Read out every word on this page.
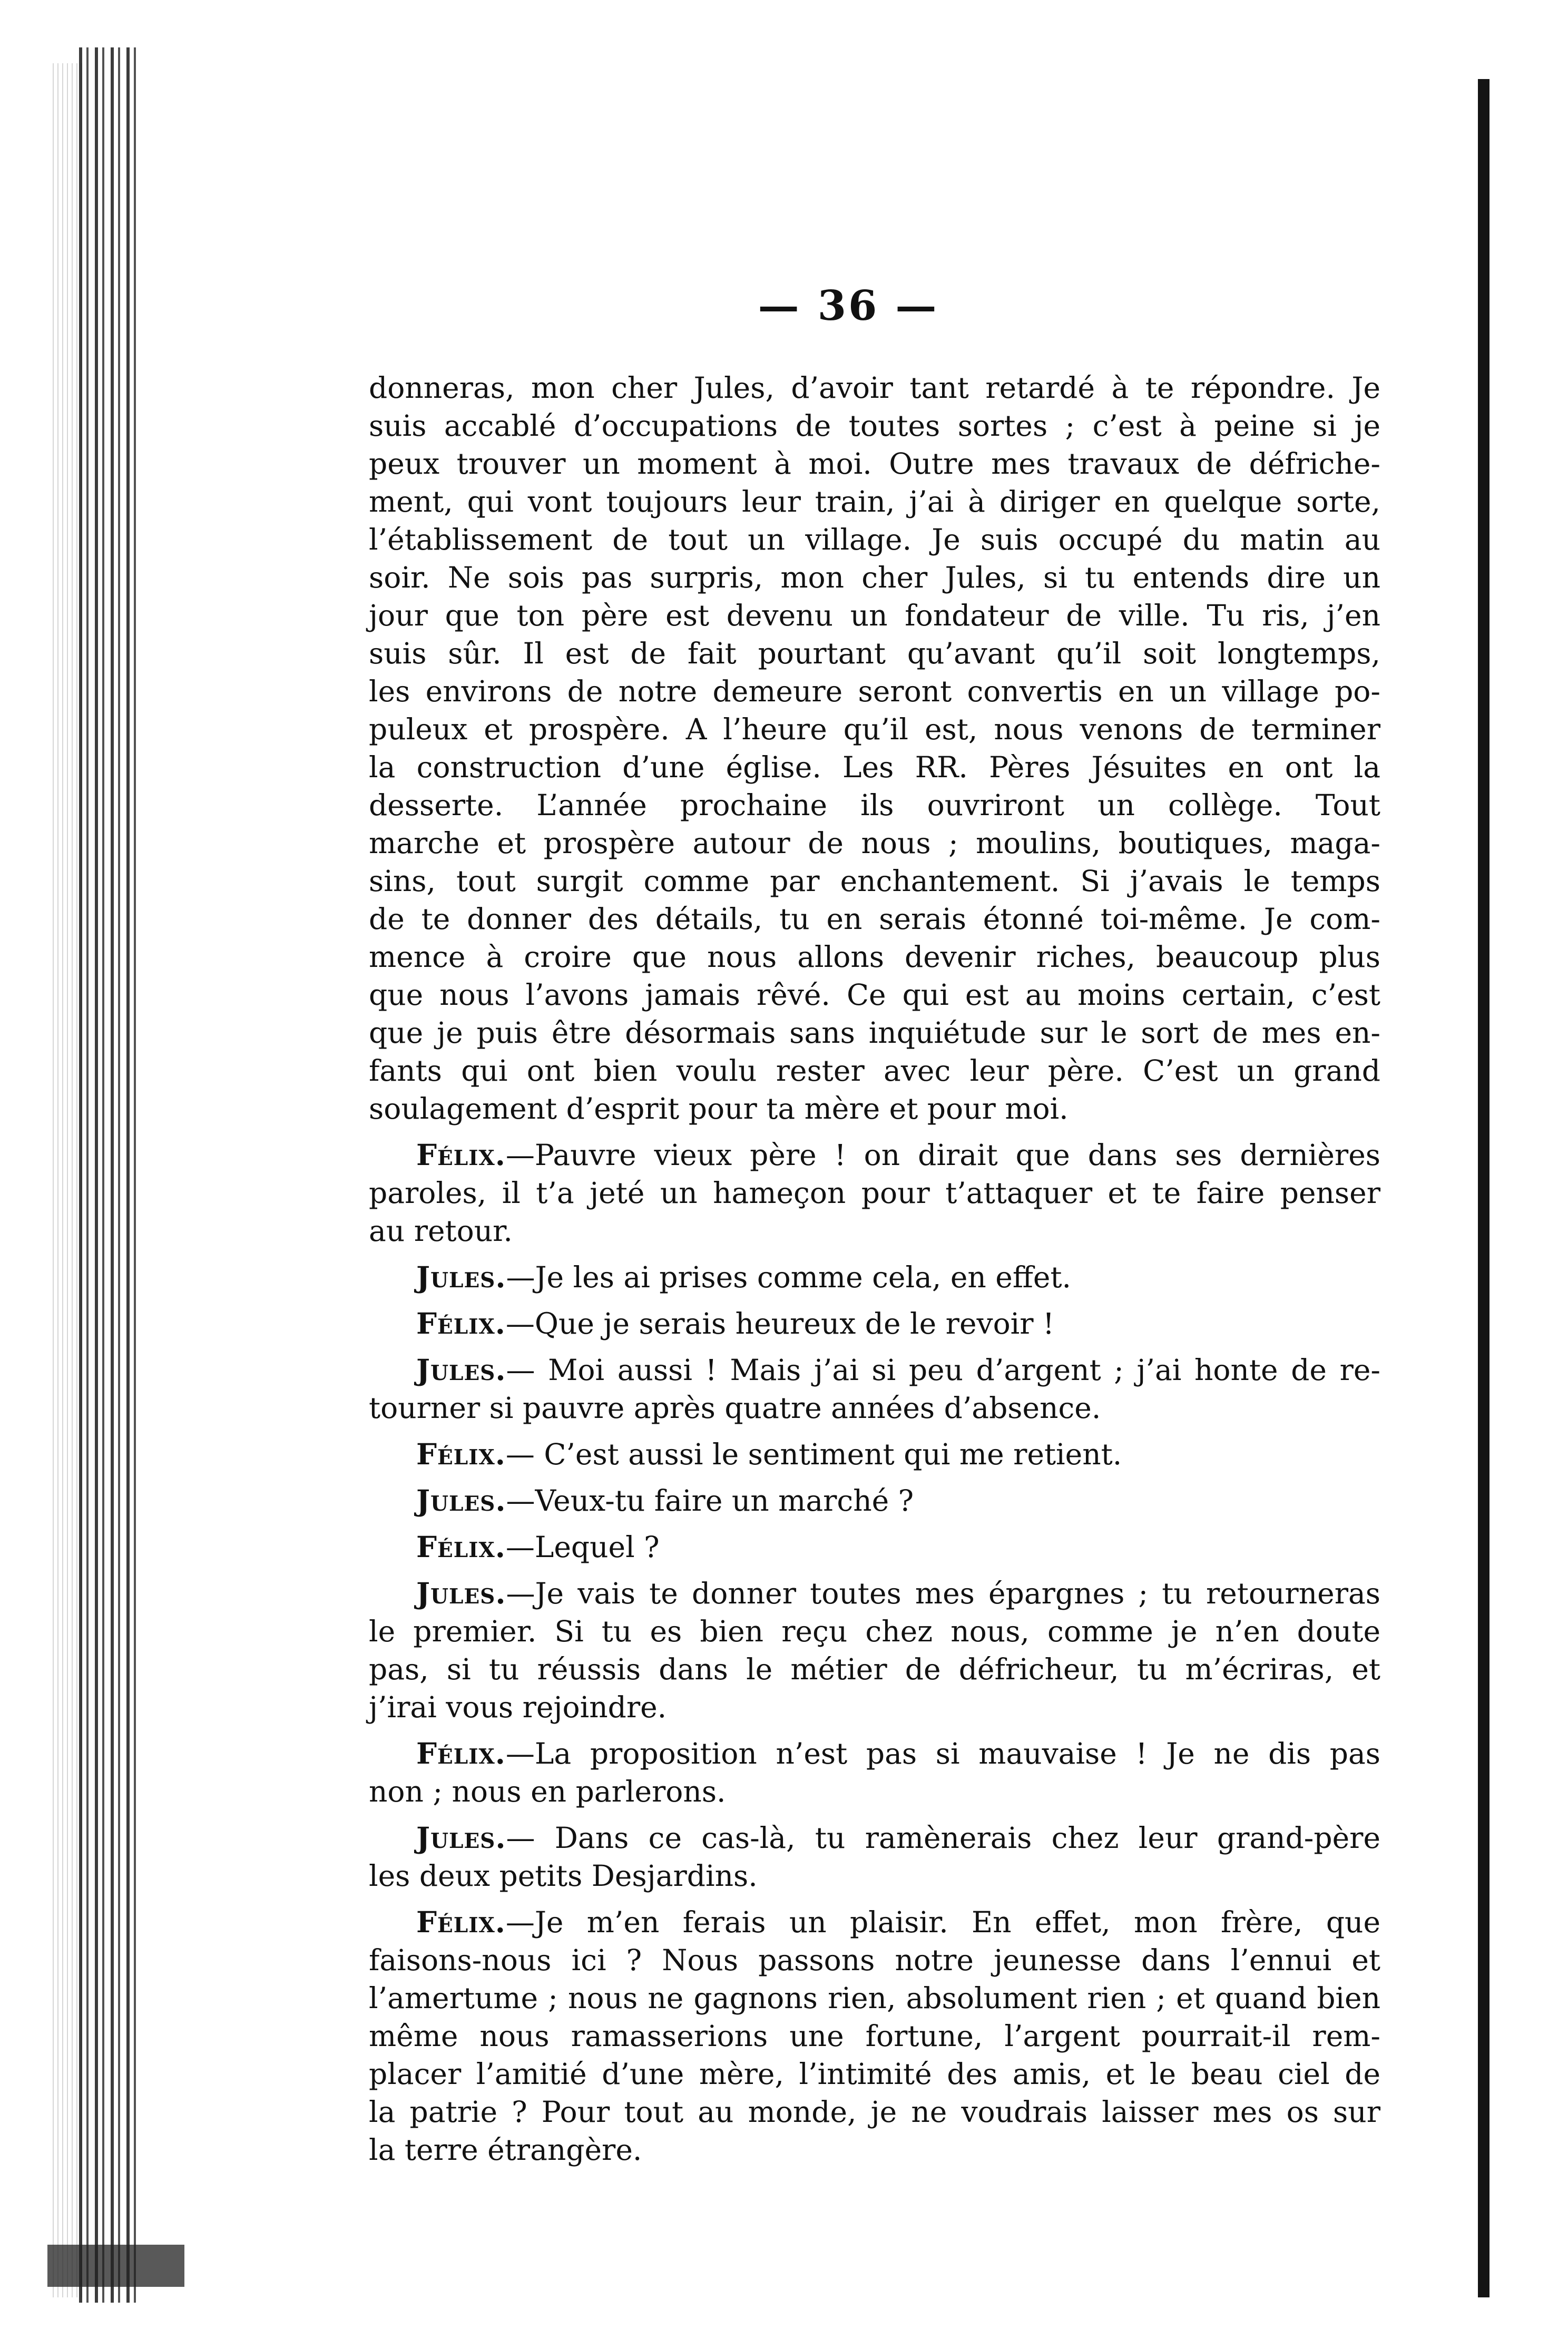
— 36 —
donneras, mon cher Jules, d’avoir tant retardé à te répondre. Je
suis accablé d’occupations de toutes sortes ; c’est à peine si je
peux trouver un moment à moi. Outre mes travaux de défriche-
ment, qui vont toujours leur train, j’ai à diriger en quelque sorte,
l’établissement de tout un village. Je suis occupé du matin au
soir. Ne sois pas surpris, mon cher Jules, si tu entends dire un
jour que ton père est devenu un fondateur de ville. Tu ris, j’en
suis sûr. Il est de fait pourtant qu’avant qu’il soit longtemps,
les environs de notre demeure seront convertis en un village po-
puleux et prospère. A l’heure qu’il est, nous venons de terminer
la construction d’une église. Les RR. Pères Jésuites en ont la
desserte. L’année prochaine ils ouvriront un collège. Tout
marche et prospère autour de nous ; moulins, boutiques, maga-
sins, tout surgit comme par enchantement. Si j’avais le temps
de te donner des détails, tu en serais étonné toi-même. Je com-
mence à croire que nous allons devenir riches, beaucoup plus
que nous l’avons jamais rêvé. Ce qui est au moins certain, c’est
que je puis être désormais sans inquiétude sur le sort de mes en-
fants qui ont bien voulu rester avec leur père. C’est un grand
soulagement d’esprit pour ta mère et pour moi.
Félix.—Pauvre vieux père ! on dirait que dans ses dernières
paroles, il t’a jeté un hameçon pour t’attaquer et te faire penser
au retour.
Jules.—Je les ai prises comme cela, en effet.
Félix.—Que je serais heureux de le revoir !
Jules.— Moi aussi ! Mais j’ai si peu d’argent ; j’ai honte de re-
tourner si pauvre après quatre années d’absence.
Félix.— C’est aussi le sentiment qui me retient.
Jules.—Veux-tu faire un marché ?
Félix.—Lequel ?
Jules.—Je vais te donner toutes mes épargnes ; tu retourneras
le premier. Si tu es bien reçu chez nous, comme je n’en doute
pas, si tu réussis dans le métier de défricheur, tu m’écriras, et
j’irai vous rejoindre.
Félix.—La proposition n’est pas si mauvaise ! Je ne dis pas
non ; nous en parlerons.
Jules.— Dans ce cas-là, tu ramènerais chez leur grand-père
les deux petits Desjardins.
Félix.—Je m’en ferais un plaisir. En effet, mon frère, que
faisons-nous ici ? Nous passons notre jeunesse dans l’ennui et
l’amertume ; nous ne gagnons rien, absolument rien ; et quand bien
même nous ramasserions une fortune, l’argent pourrait-il rem-
placer l’amitié d’une mère, l’intimité des amis, et le beau ciel de
la patrie ? Pour tout au monde, je ne voudrais laisser mes os sur
la terre étrangère.
